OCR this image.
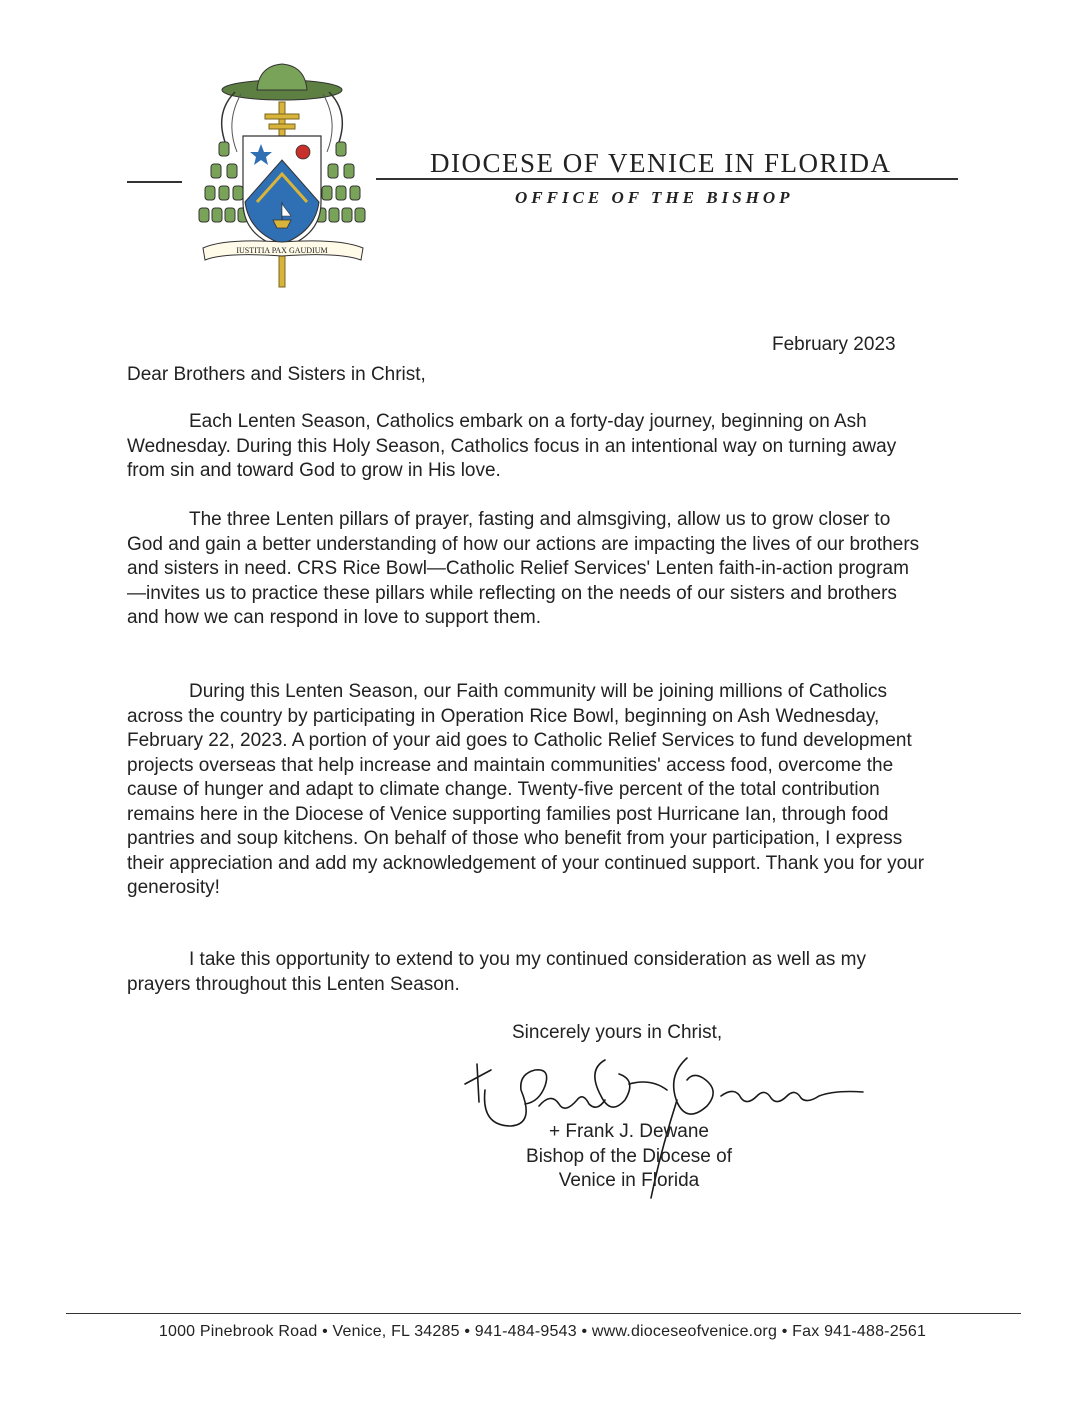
IUSTITIA PAX GAUDIUM
DIOCESE OF VENICE IN FLORIDA
OFFICE OF THE BISHOP
February 2023
Dear Brothers and Sisters in Christ,

Each Lenten Season, Catholics embark on a forty-day journey, beginning on Ash Wednesday. During this Holy Season, Catholics focus in an intentional way on turning away from sin and toward God to grow in His love.

The three Lenten pillars of prayer, fasting and almsgiving, allow us to grow closer to God and gain a better understanding of how our actions are impacting the lives of our brothers and sisters in need. CRS Rice Bowl—Catholic Relief Services' Lenten faith-in-action program—invites us to practice these pillars while reflecting on the needs of our sisters and brothers and how we can respond in love to support them.

During this Lenten Season, our Faith community will be joining millions of Catholics across the country by participating in Operation Rice Bowl, beginning on Ash Wednesday, February 22, 2023. A portion of your aid goes to Catholic Relief Services to fund development projects overseas that help increase and maintain communities' access food, overcome the cause of hunger and adapt to climate change. Twenty-five percent of the total contribution remains here in the Diocese of Venice supporting families post Hurricane Ian, through food pantries and soup kitchens. On behalf of those who benefit from your participation, I express their appreciation and add my acknowledgement of your continued support. Thank you for your generosity!

I take this opportunity to extend to you my continued consideration as well as my prayers throughout this Lenten Season.

Sincerely yours in Christ,
+ Frank J. Dewane
Bishop of the Diocese of
Venice in Florida
1000 Pinebrook Road • Venice, FL 34285 • 941-484-9543 • www.dioceseofvenice.org • Fax 941-488-2561
